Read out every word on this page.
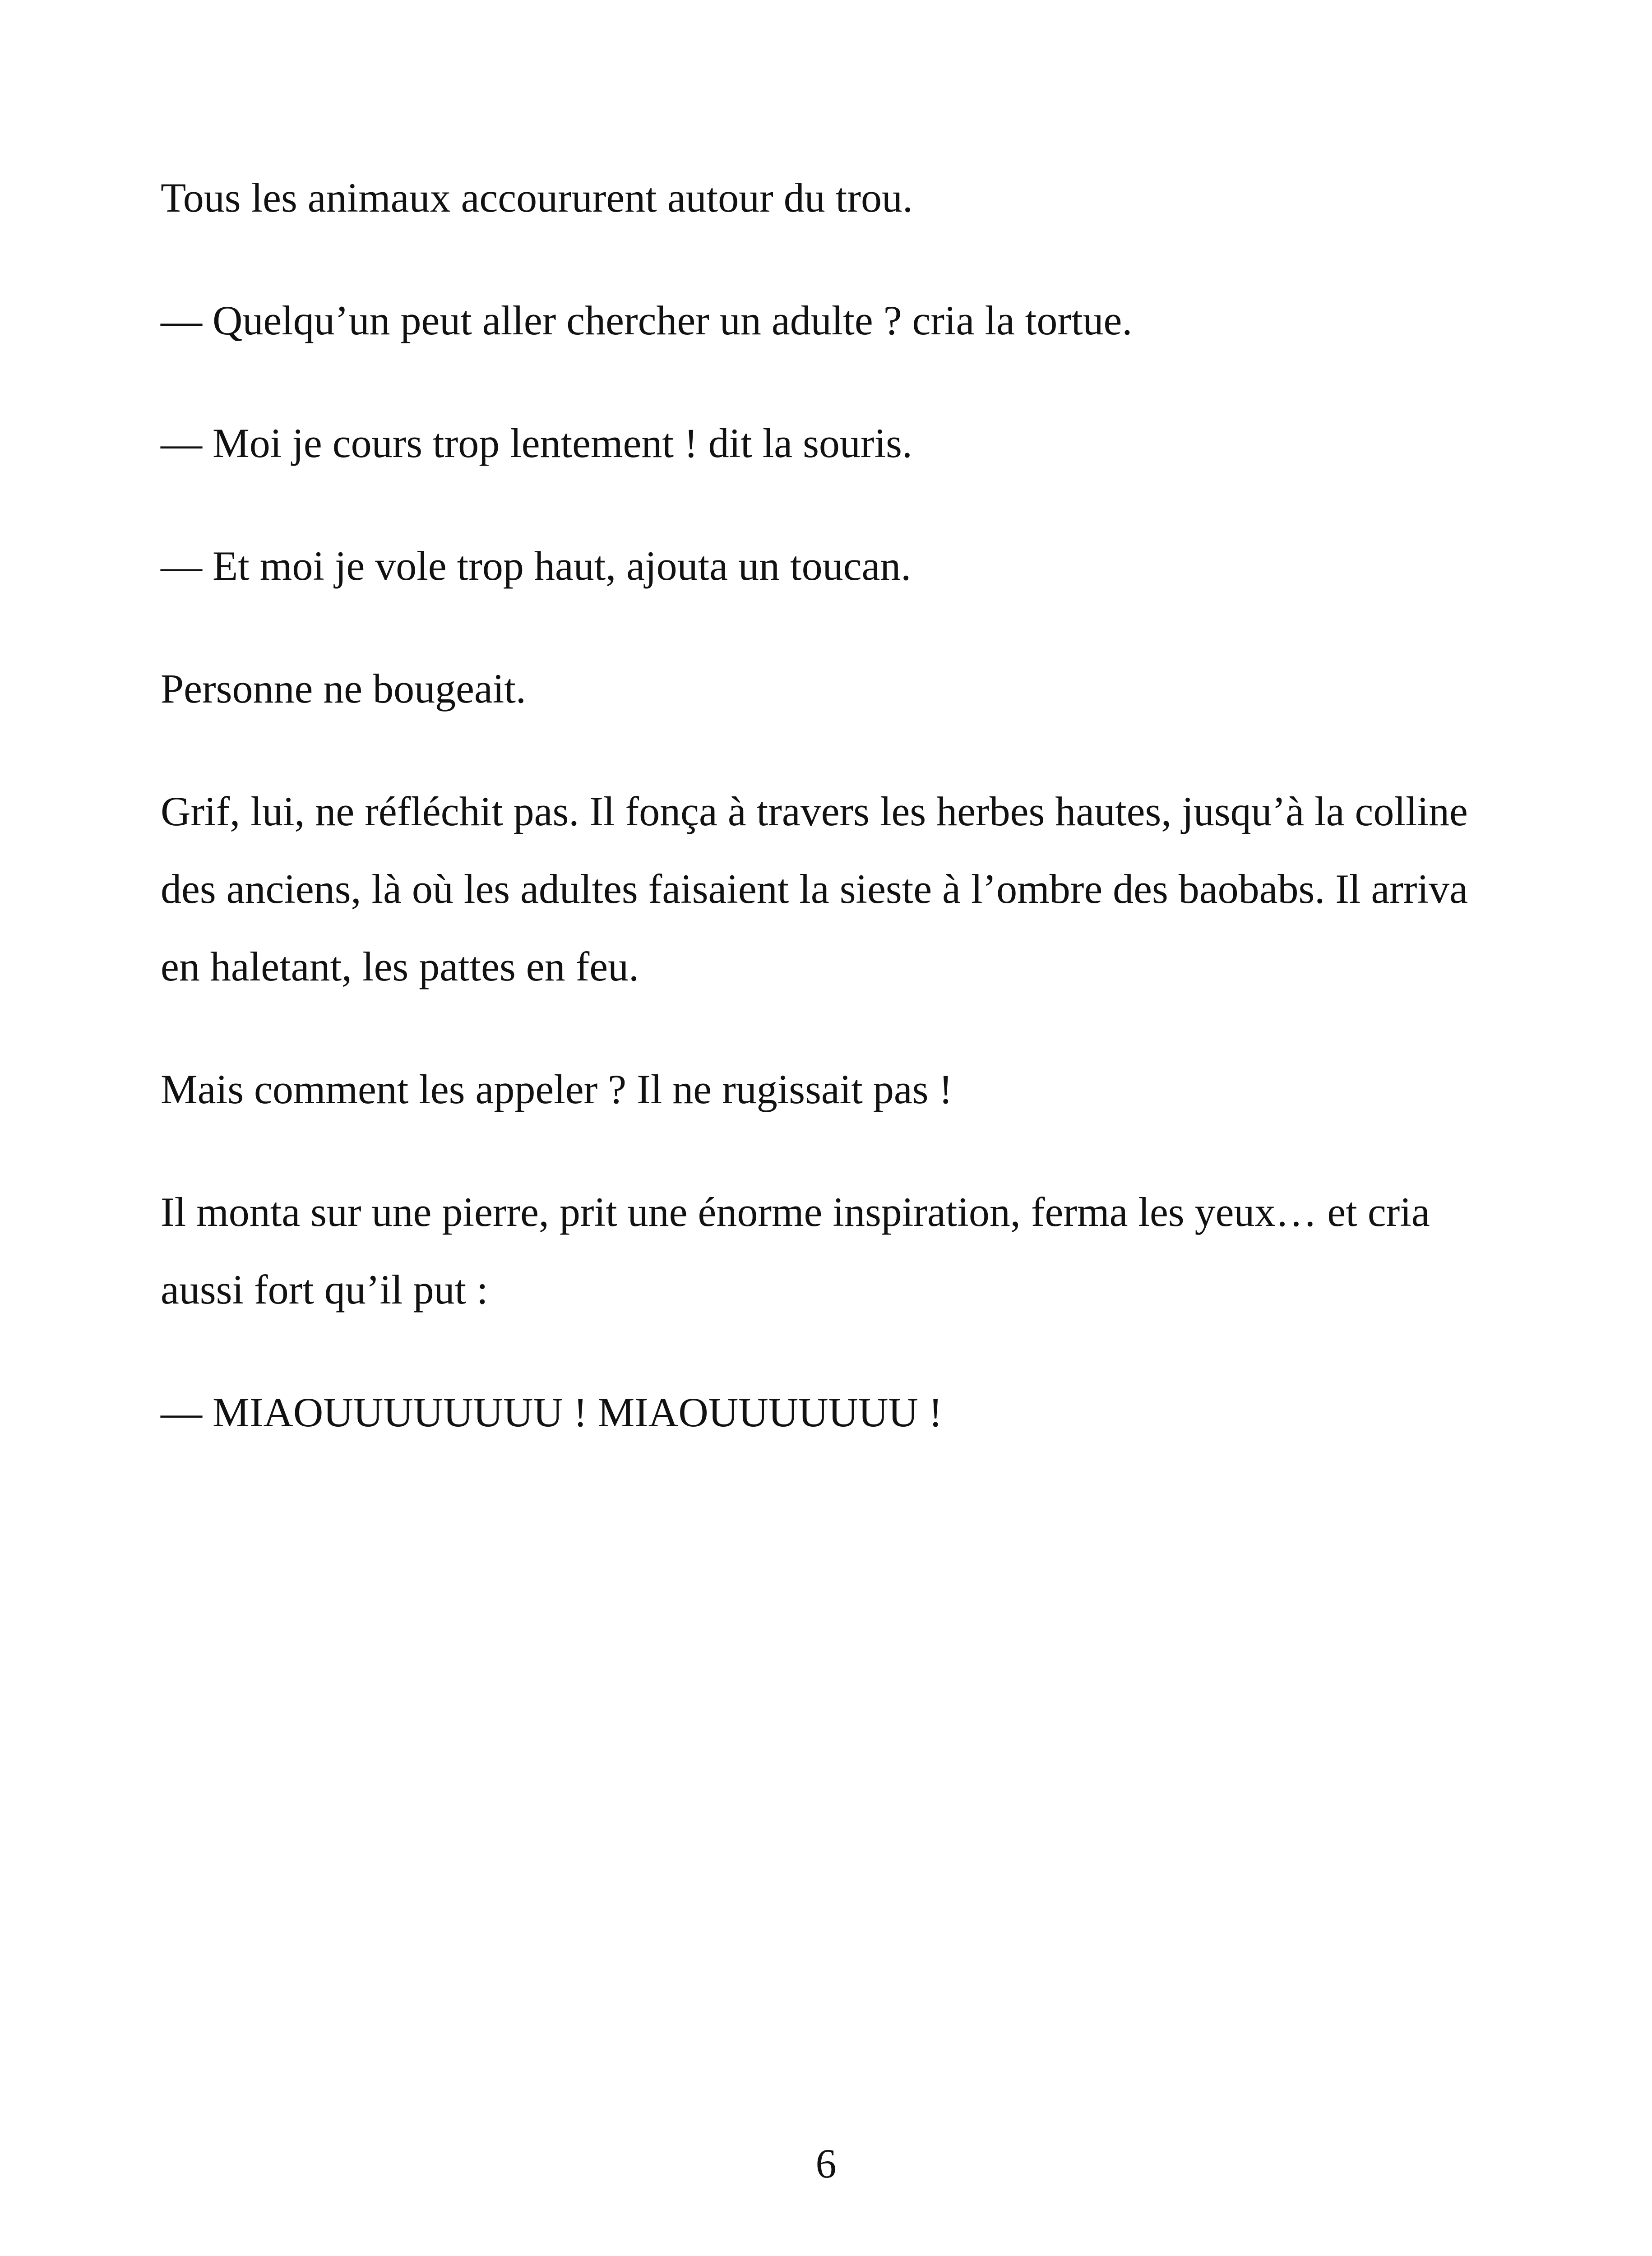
Tous les animaux accoururent autour du trou.

— Quelqu’un peut aller chercher un adulte ? cria la tortue.

— Moi je cours trop lentement ! dit la souris.

— Et moi je vole trop haut, ajouta un toucan.

Personne ne bougeait.

Grif, lui, ne réfléchit pas. Il fonça à travers les herbes hautes, jusqu’à la colline des anciens, là où les adultes faisaient la sieste à l’ombre des baobabs. Il arriva en haletant, les pattes en feu.

Mais comment les appeler ? Il ne rugissait pas !

Il monta sur une pierre, prit une énorme inspiration, ferma les yeux… et cria aussi fort qu’il put :

— MIAOUUUUUUUU ! MIAOUUUUUUU !

6
